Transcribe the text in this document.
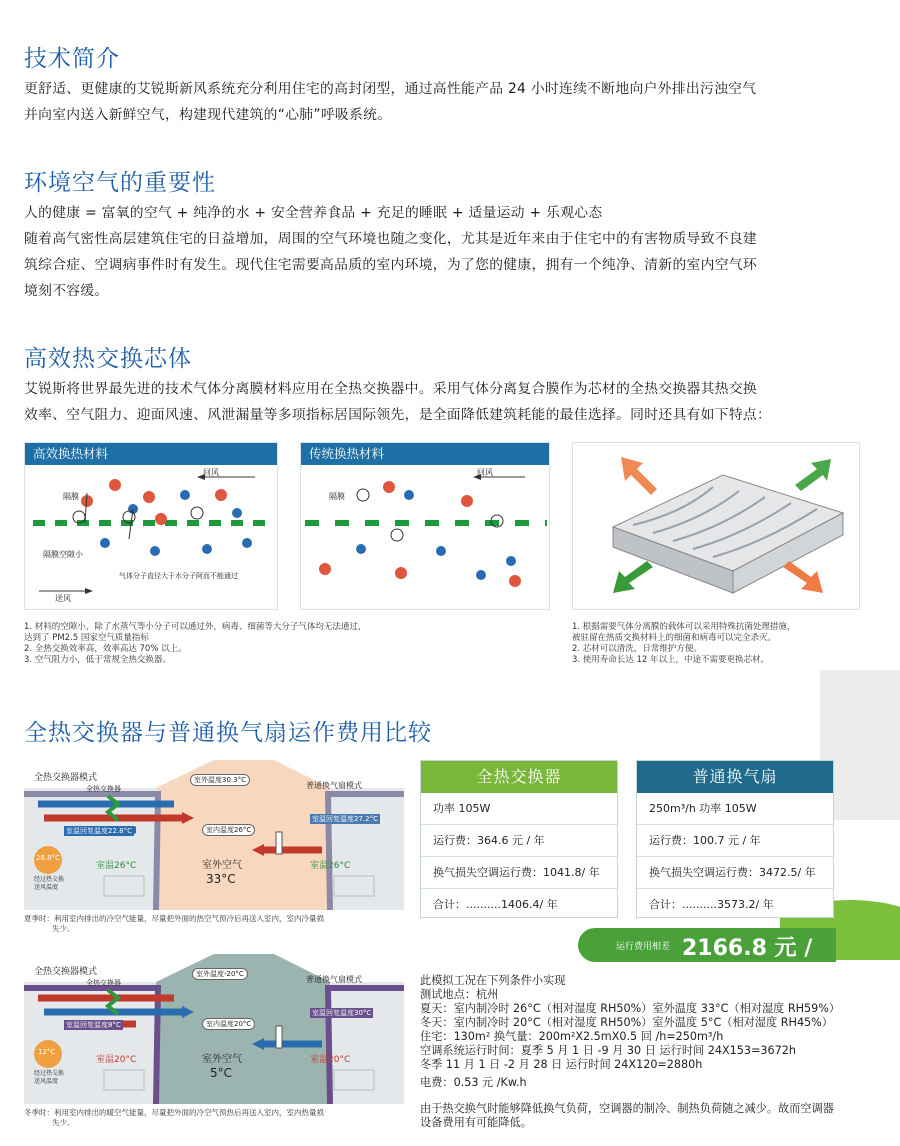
技术简介

更舒适、更健康的艾锐斯新风系统充分利用住宅的高封闭型，通过高性能产品 24 小时连续不断地向户外排出污浊空气

并向室内送入新鲜空气，构建现代建筑的“心肺”呼吸系统。

环境空气的重要性

人的健康 = 富氧的空气 + 纯净的水 + 安全营养食品 + 充足的睡眠 + 适量运动 + 乐观心态

随着高气密性高层建筑住宅的日益增加，周围的空气环境也随之变化，尤其是近年来由于住宅中的有害物质导致不良建

筑综合症、空调病事件时有发生。现代住宅需要高品质的室内环境，为了您的健康，拥有一个纯净、清新的室内空气环

境刻不容缓。

高效热交换芯体

艾锐斯将世界最先进的技术气体分离膜材料应用在全热交换器中。采用气体分离复合膜作为芯材的全热交换器其热交换

效率、空气阻力、迎面风速、风泄漏量等多项指标居国际领先，是全面降低建筑耗能的最佳选择。同时还具有如下特点：

高效换热材料
回风
隔膜
隔膜空隙小
送风
气体分子直径大于水分子阿而不能通过
传统换热材料
回风
隔膜
1. 材料的空隙小，除了水蒸气等小分子可以通过外，病毒、细菌等大分子气体均无法通过，
达到了 PM2.5 国家空气质量指标
2. 全热交换效率高，效率高达 70% 以上。
3. 空气阻力小，低于常规全热交换器。
1. 根据需要气体分离膜的载体可以采用特殊抗菌处理措施，
被驻留在热质交换材料上的细菌和病毒可以完全杀灭。
2. 芯材可以清洗，日常维护方便。
3. 使用寿命长达 12 年以上，中途不需要更换芯材。
全热交换器与普通换气扇运作费用比较
全热交换器模式
全热交换器	普通换气扇模式
室外温度30.3°C
室内温度26°C
室温回复温度22.8°C
室温回复温度27.2°C
室温26°C	室温26°C
室外空气
33°C
28.8°C
经过热交换送风温度
夏季时：利用室内排出的冷空气能量，尽量把外面的热空气预冷后再送入室内，室内冷量损
失少。
全热交换器模式
全热交换器	普通换气扇模式
室外温度-20°C
室内温度20°C
室温回复温度8°C
室温回复温度30°C
室温20°C	室温20°C
室外空气
5°C
12°C
经过热交换送风温度
冬季时：利用室内排出的暖空气能量，尽量把外面的冷空气预热后再送入室内，室内热量损
失少。
全热交换器
功率 105W
运行费：364.6 元 / 年
换气损失空调运行费：1041.8/ 年
合计：..........1406.4/ 年
普通换气扇
250m³/h 功率 105W
运行费：100.7 元 / 年
换气损失空调运行费：3472.5/ 年
合计：..........3573.2/ 年
运行费用相差 2166.8 元 / 年
此模拟工况在下列条件小实现
测试地点：杭州
夏天：室内制冷时 26°C（相对湿度 RH50%）室外温度 33°C（相对湿度 RH59%）
冬天：室内制冷时 20°C（相对湿度 RH50%）室外温度 5°C（相对湿度 RH45%）
住宅：130m² 换气量：200m²X2.5mX0.5 回 /h=250m³/h
空调系统运行时间：夏季 5 月 1 日 -9 月 30 日 运行时间 24X153=3672h
冬季 11 月 1 日 -2 月 28 日 运行时间 24X120=2880h
电费：0.53 元 /Kw.h
由于热交换气时能够降低换气负荷，空调器的制冷、制热负荷随之减少。故而空调器
设备费用有可能降低。
